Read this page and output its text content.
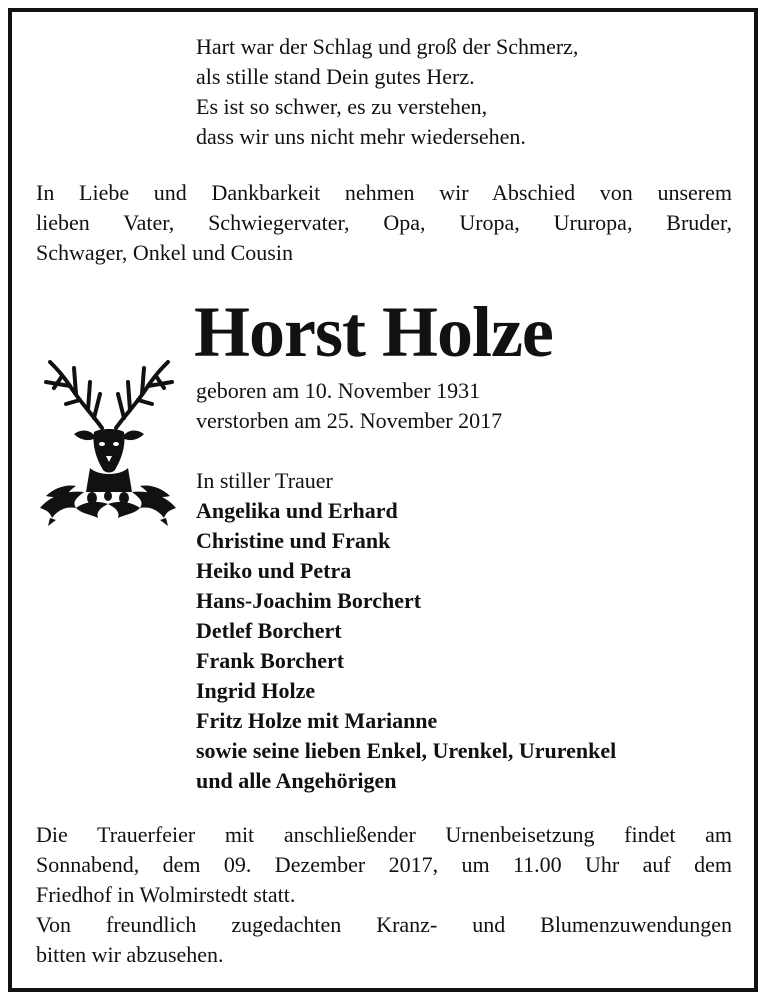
Hart war der Schlag und groß der Schmerz,
als stille stand Dein gutes Herz.
Es ist so schwer, es zu verstehen,
dass wir uns nicht mehr wiedersehen.
In Liebe und Dankbarkeit nehmen wir Abschied von unserem
lieben Vater, Schwiegervater, Opa, Uropa, Ururopa, Bruder,
Schwager, Onkel und Cousin
Horst Holze
geboren am 10. November 1931
verstorben am 25. November 2017
In stiller Trauer
Angelika und Erhard
Christine und Frank
Heiko und Petra
Hans-Joachim Borchert
Detlef Borchert
Frank Borchert
Ingrid Holze
Fritz Holze mit Marianne
sowie seine lieben Enkel, Urenkel, Ururenkel
und alle Angehörigen
Die Trauerfeier mit anschließender Urnenbeisetzung findet am
Sonnabend, dem 09. Dezember 2017, um 11.00 Uhr auf dem
Friedhof in Wolmirstedt statt.
Von freundlich zugedachten Kranz- und Blumenzuwendungen
bitten wir abzusehen.
